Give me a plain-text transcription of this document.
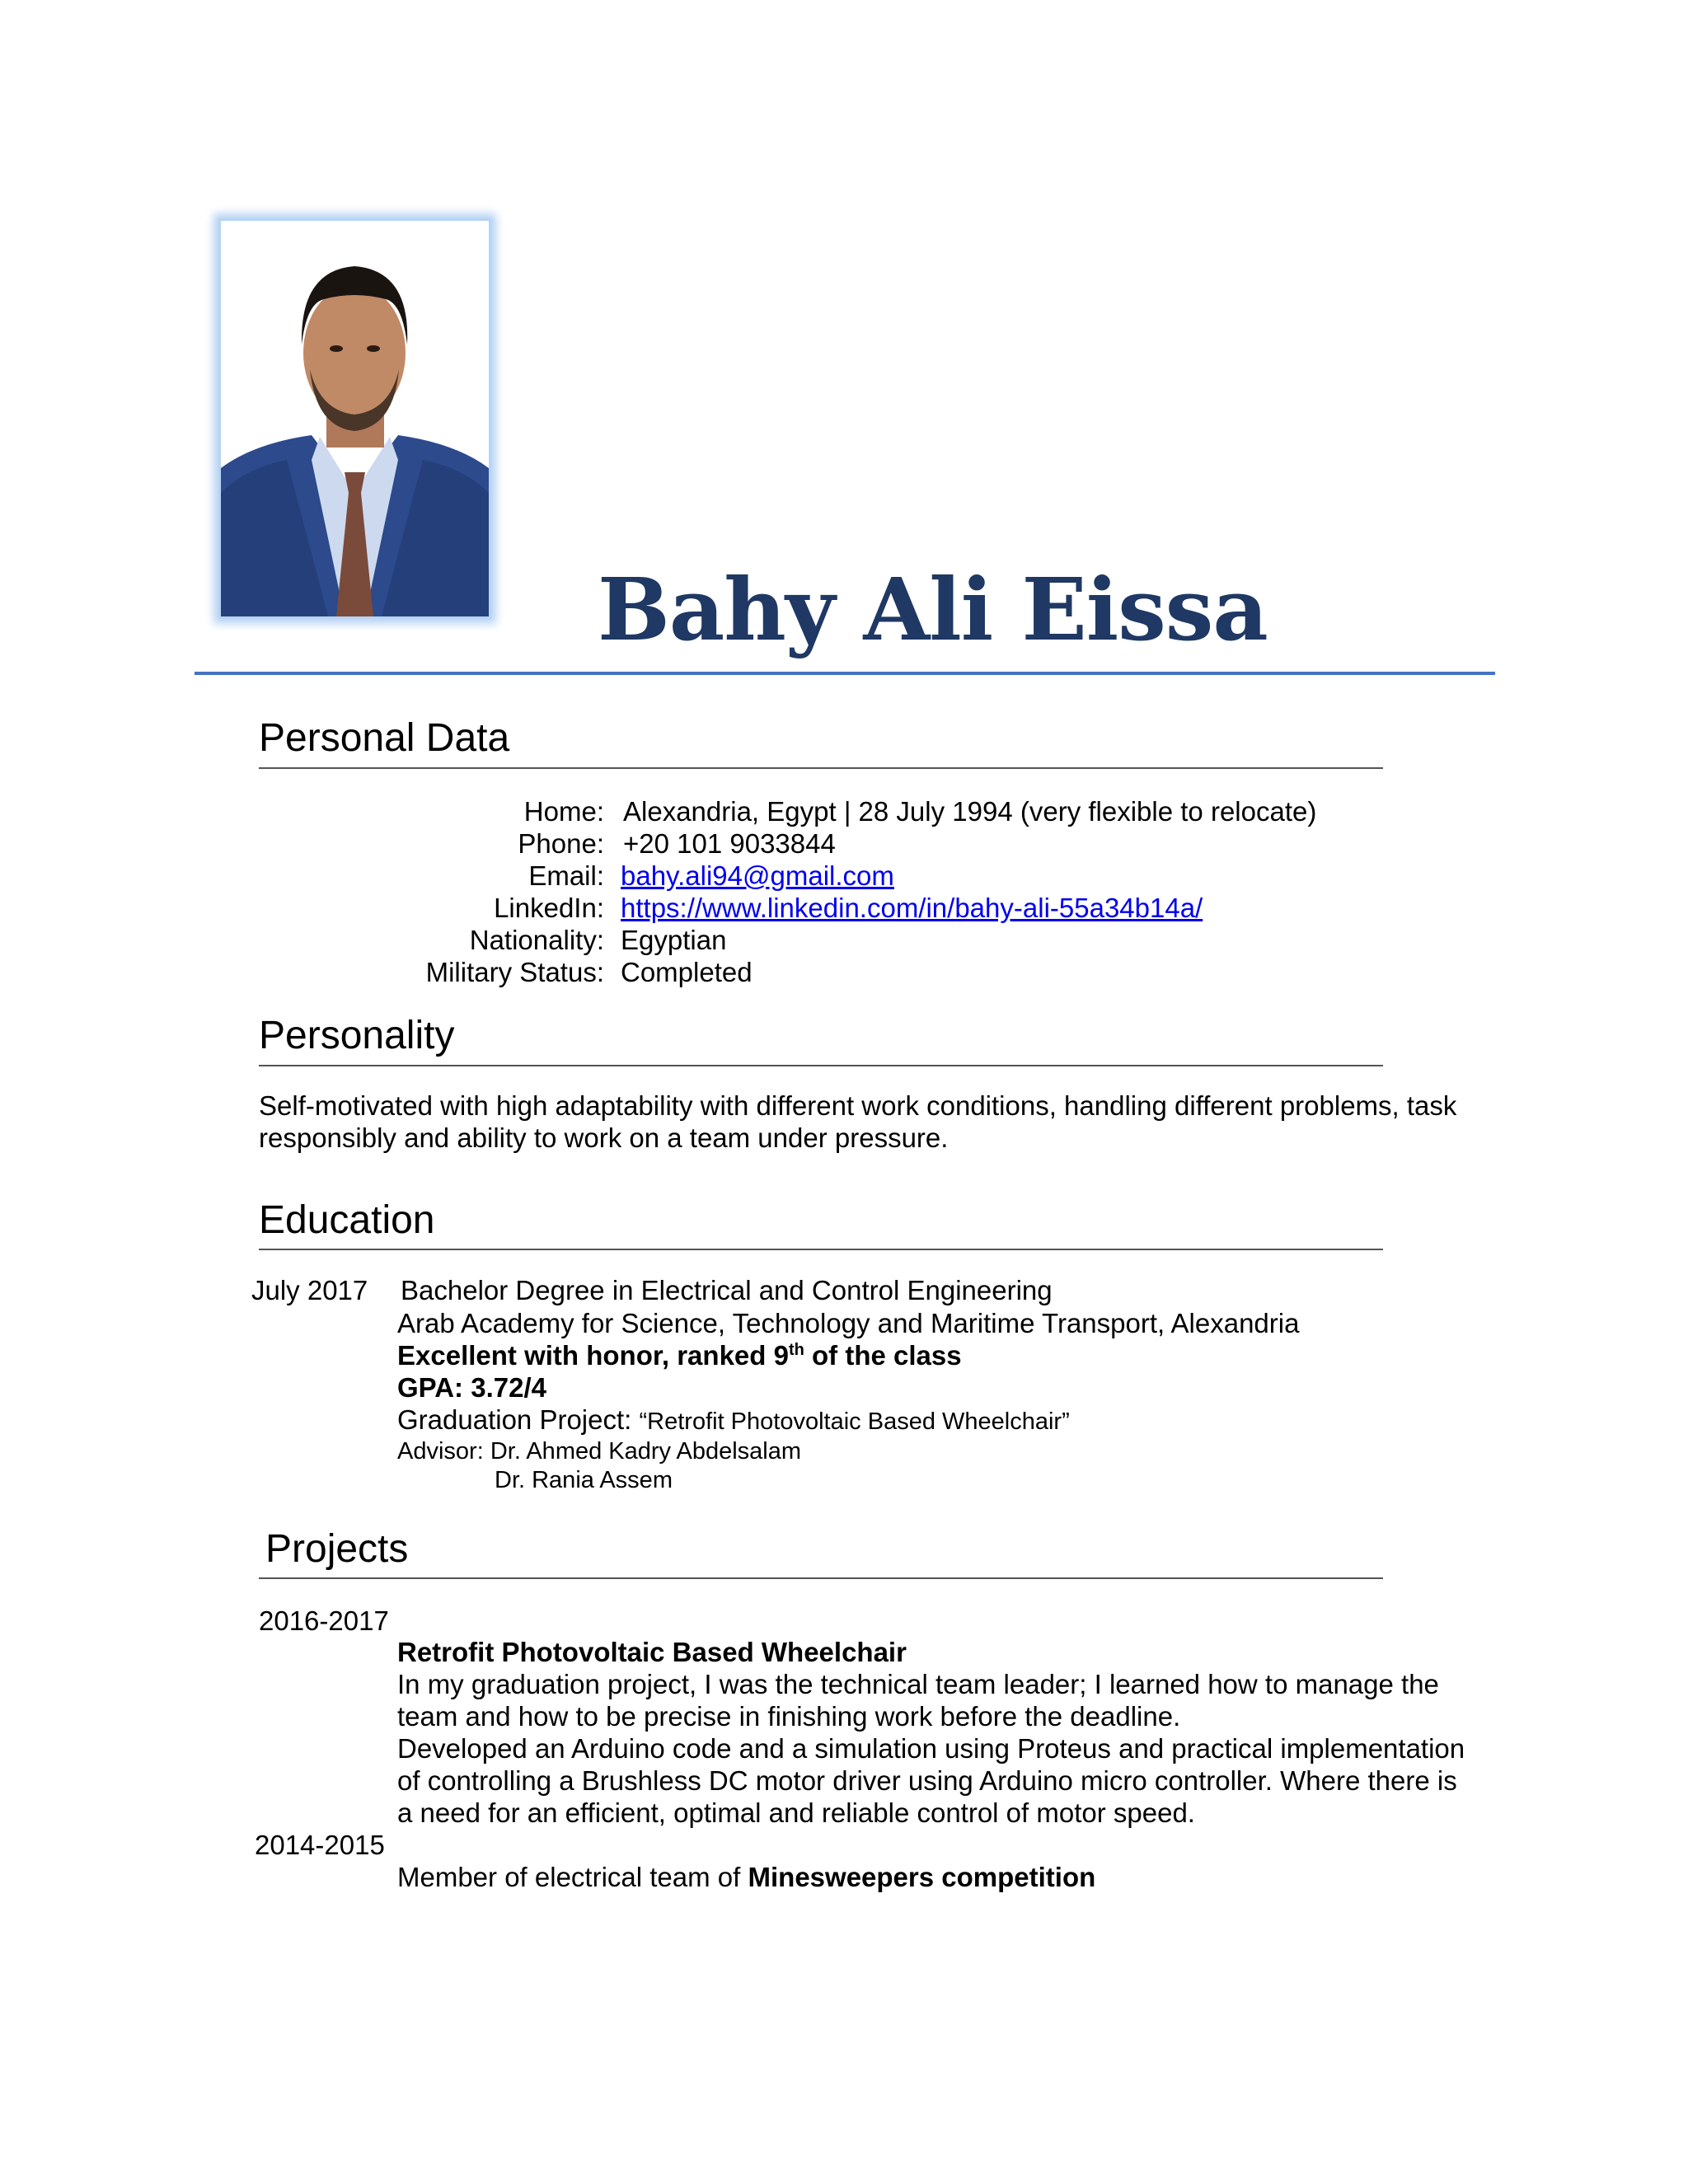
Bahy Ali Eissa
Personal Data
Home: Alexandria, Egypt | 28 July 1994 (very flexible to relocate)
Phone: +20 101 9033844
Email: bahy.ali94@gmail.com
LinkedIn: https://www.linkedin.com/in/bahy-ali-55a34b14a/
Nationality: Egyptian
Military Status: Completed
Personality
Self-motivated with high adaptability with different work conditions, handling different problems, task
responsibly and ability to work on a team under pressure.
Education
July 2017 Bachelor Degree in Electrical and Control Engineering
Arab Academy for Science, Technology and Maritime Transport, Alexandria
Excellent with honor, ranked 9th of the class
GPA: 3.72/4
Graduation Project: “Retrofit Photovoltaic Based Wheelchair”
Advisor: Dr. Ahmed Kadry Abdelsalam
Dr. Rania Assem
Projects
2016-2017
Retrofit Photovoltaic Based Wheelchair
In my graduation project, I was the technical team leader; I learned how to manage the
team and how to be precise in finishing work before the deadline.
Developed an Arduino code and a simulation using Proteus and practical implementation
of controlling a Brushless DC motor driver using Arduino micro controller. Where there is
a need for an efficient, optimal and reliable control of motor speed.
2014-2015
Member of electrical team of Minesweepers competition
